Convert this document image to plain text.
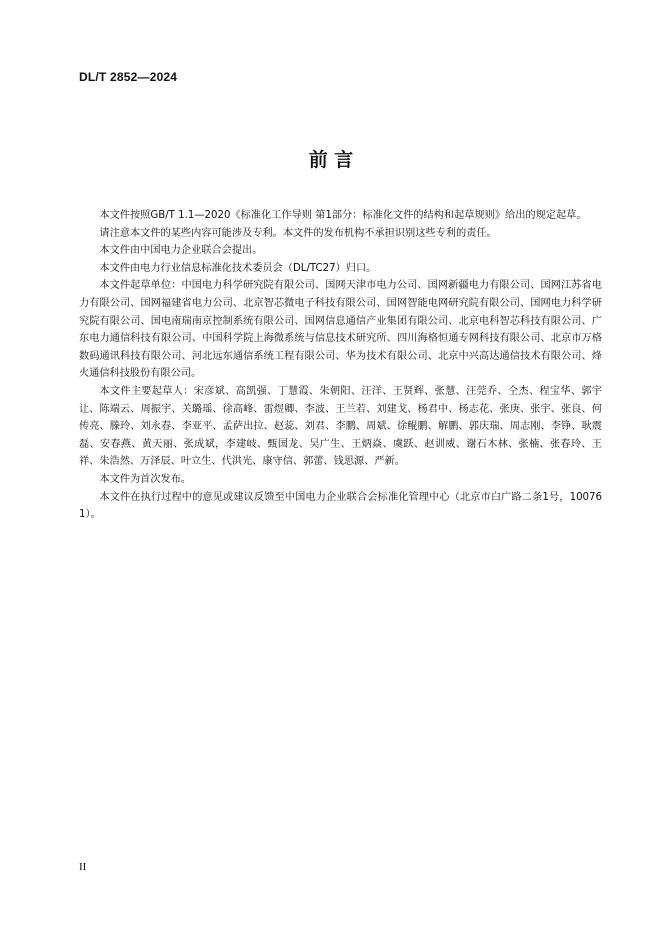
DL/T 2852—2024
前 言

本文件按照GB/T 1.1—2020《标准化工作导则 第1部分：标准化文件的结构和起草规则》给出的规定起草。

请注意本文件的某些内容可能涉及专利。本文件的发布机构不承担识别这些专利的责任。

本文件由中国电力企业联合会提出。

本文件由电力行业信息标准化技术委员会（DL/TC27）归口。

本文件起草单位：中国电力科学研究院有限公司、国网天津市电力公司、国网新疆电力有限公司、国网江苏省电力有限公司、国网福建省电力公司、北京智芯微电子科技有限公司、国网智能电网研究院有限公司、国网电力科学研究院有限公司、国电南瑞南京控制系统有限公司、国网信息通信产业集团有限公司、北京电科智芯科技有限公司、广东电力通信科技有限公司、中国科学院上海微系统与信息技术研究所、四川海格恒通专网科技有限公司、北京市万格数码通讯科技有限公司、河北远东通信系统工程有限公司、华为技术有限公司、北京中兴高达通信技术有限公司、烽火通信科技股份有限公司。

本文件主要起草人：宋彦斌、高凯强、丁慧霞、朱朝阳、汪洋、王贤辉、张慧、汪莞乔、仝杰、程宝华、郭宇让、陈端云、周振宇、关璐瑶、徐高峰、雷煜卿、李波、王兰若、刘建戈、杨君中、杨志花、张庚、张宇、张良、何传亮、滕玲、刘永春、李亚平、孟萨出拉、赵蕊、刘君、李鹏、周斌、徐鲲鹏、解鹏、郭庆瑞、周志刚、李铮、耿震磊、安春燕、黄天丽、张成斌，李建岐、甄国龙、吴广生、王炳焱、虞跃、赵训威、谢石木林、张楠、张春玲、王祥、朱浩然、万泽辰、叶立生、代洪光、康守信、郭蕾、钱思源、严新。

本文件为首次发布。

本文件在执行过程中的意见或建议反馈至中国电力企业联合会标准化管理中心（北京市白广路二条1号，100761）。

II
